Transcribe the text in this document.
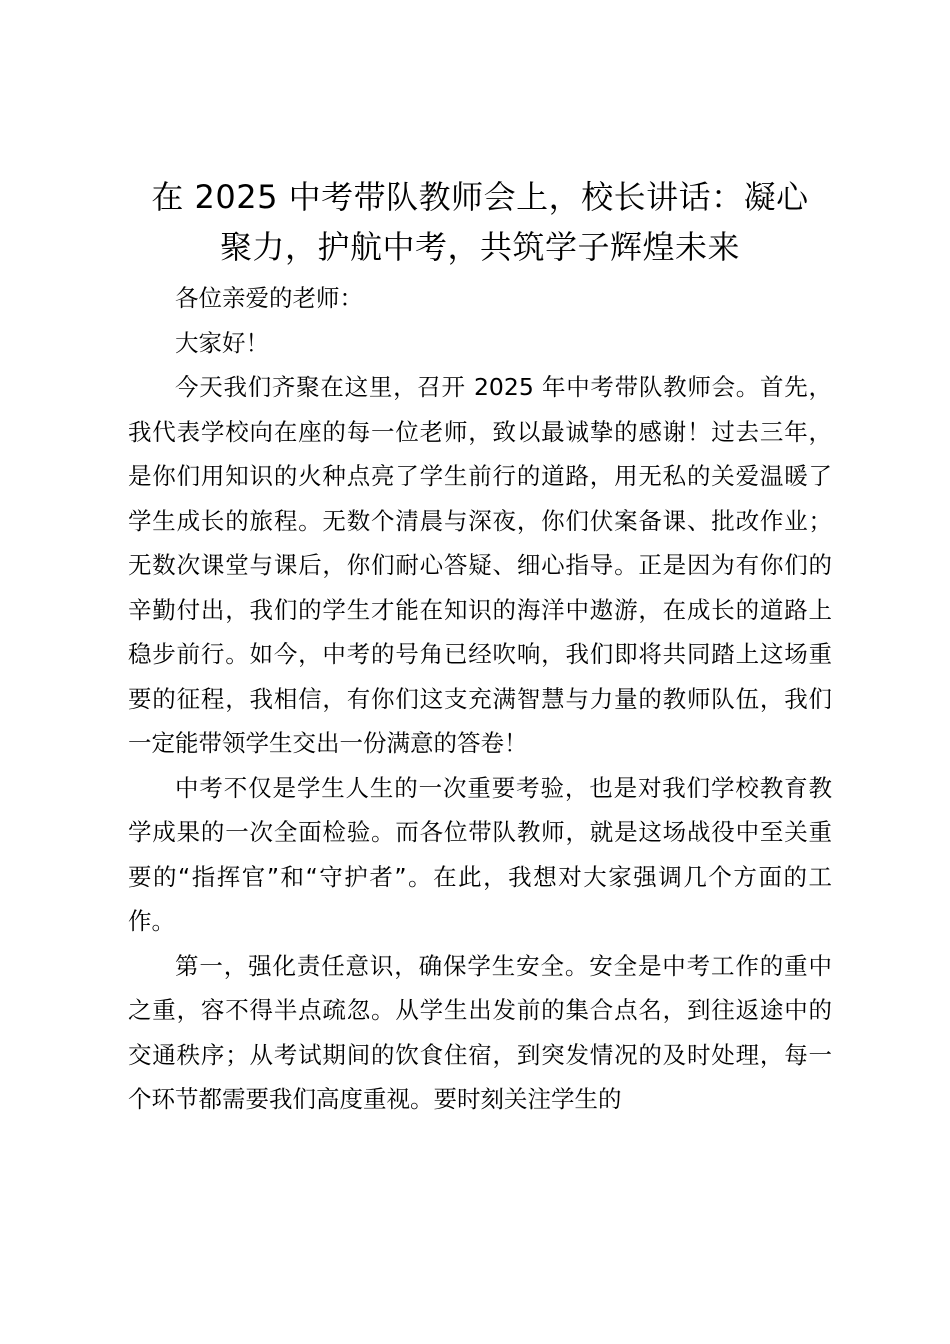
在 2025 中考带队教师会上，校长讲话：凝心
聚力，护航中考，共筑学子辉煌未来

各位亲爱的老师：

大家好！

今天我们齐聚在这里，召开 2025 年中考带队教师会。首先，我代表学校向在座的每一位老师，致以最诚挚的感谢！过去三年，是你们用知识的火种点亮了学生前行的道路，用无私的关爱温暖了学生成长的旅程。无数个清晨与深夜，你们伏案备课、批改作业；无数次课堂与课后，你们耐心答疑、细心指导。正是因为有你们的辛勤付出，我们的学生才能在知识的海洋中遨游，在成长的道路上稳步前行。如今，中考的号角已经吹响，我们即将共同踏上这场重要的征程，我相信，有你们这支充满智慧与力量的教师队伍，我们一定能带领学生交出一份满意的答卷！

中考不仅是学生人生的一次重要考验，也是对我们学校教育教学成果的一次全面检验。而各位带队教师，就是这场战役中至关重要的“指挥官”和“守护者”。在此，我想对大家强调几个方面的工作。

第一，强化责任意识，确保学生安全。安全是中考工作的重中之重，容不得半点疏忽。从学生出发前的集合点名，到往返途中的交通秩序；从考试期间的饮食住宿，到突发情况的及时处理，每一个环节都需要我们高度重视。要时刻关注学生的
